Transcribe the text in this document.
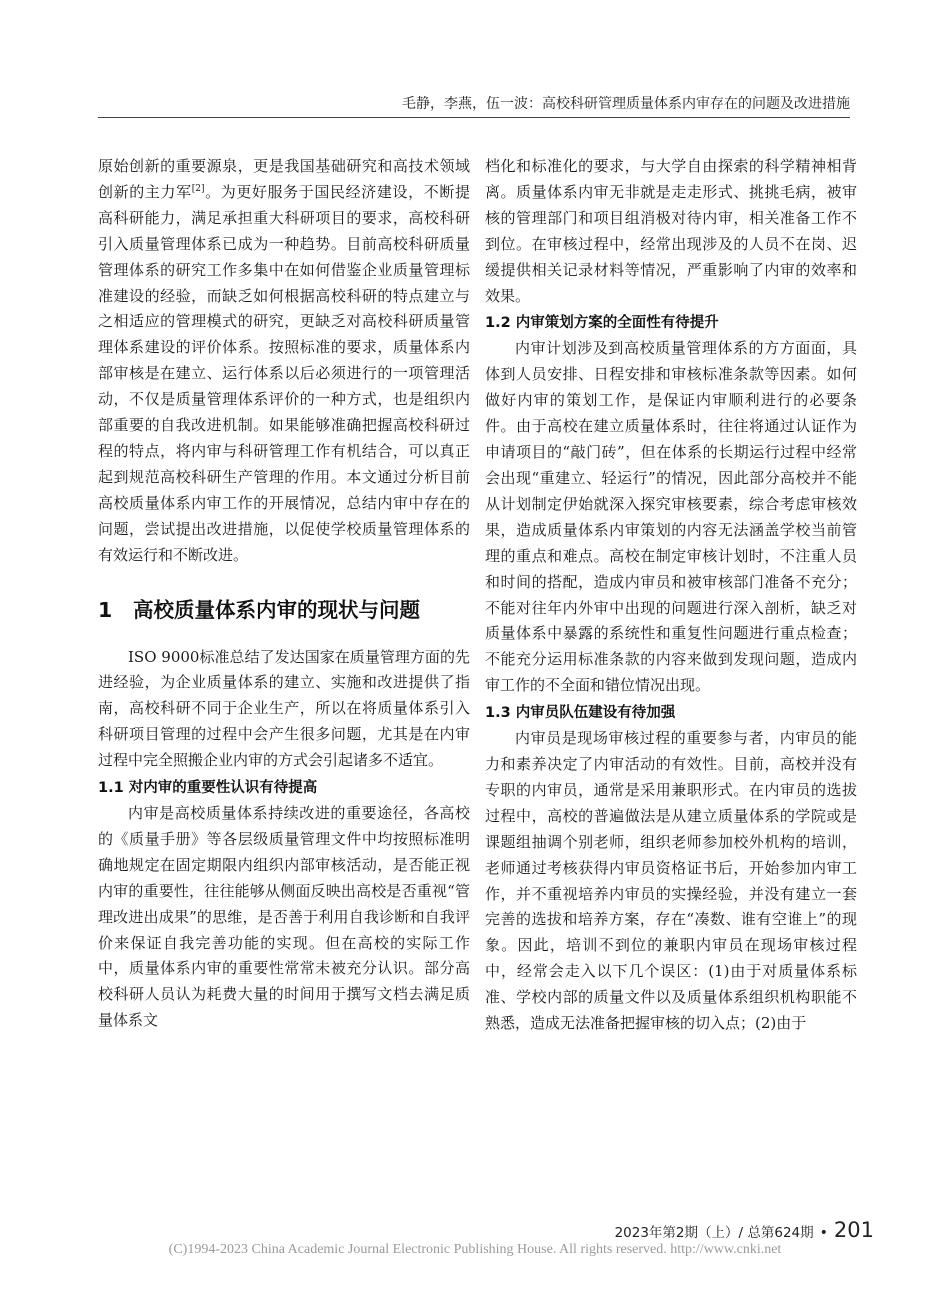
毛静，李燕，伍一波：高校科研管理质量体系内审存在的问题及改进措施

原始创新的重要源泉，更是我国基础研究和高技术领域创新的主力军[2]。为更好服务于国民经济建设，不断提高科研能力，满足承担重大科研项目的要求，高校科研引入质量管理体系已成为一种趋势。目前高校科研质量管理体系的研究工作多集中在如何借鉴企业质量管理标准建设的经验，而缺乏如何根据高校科研的特点建立与之相适应的管理模式的研究，更缺乏对高校科研质量管理体系建设的评价体系。按照标准的要求，质量体系内部审核是在建立、运行体系以后必须进行的一项管理活动，不仅是质量管理体系评价的一种方式，也是组织内部重要的自我改进机制。如果能够准确把握高校科研过程的特点，将内审与科研管理工作有机结合，可以真正起到规范高校科研生产管理的作用。本文通过分析目前高校质量体系内审工作的开展情况，总结内审中存在的问题，尝试提出改进措施，以促使学校质量管理体系的有效运行和不断改进。

1 高校质量体系内审的现状与问题

ISO 9000标准总结了发达国家在质量管理方面的先进经验，为企业质量体系的建立、实施和改进提供了指南，高校科研不同于企业生产，所以在将质量体系引入科研项目管理的过程中会产生很多问题，尤其是在内审过程中完全照搬企业内审的方式会引起诸多不适宜。

1.1 对内审的重要性认识有待提高

内审是高校质量体系持续改进的重要途径，各高校的《质量手册》等各层级质量管理文件中均按照标准明确地规定在固定期限内组织内部审核活动，是否能正视内审的重要性，往往能够从侧面反映出高校是否重视“管理改进出成果”的思维，是否善于利用自我诊断和自我评价来保证自我完善功能的实现。但在高校的实际工作中，质量体系内审的重要性常常未被充分认识。部分高校科研人员认为耗费大量的时间用于撰写文档去满足质量体系文

档化和标准化的要求，与大学自由探索的科学精神相背离。质量体系内审无非就是走走形式、挑挑毛病，被审核的管理部门和项目组消极对待内审，相关准备工作不到位。在审核过程中，经常出现涉及的人员不在岗、迟缓提供相关记录材料等情况，严重影响了内审的效率和效果。

1.2 内审策划方案的全面性有待提升

内审计划涉及到高校质量管理体系的方方面面，具体到人员安排、日程安排和审核标准条款等因素。如何做好内审的策划工作，是保证内审顺利进行的必要条件。由于高校在建立质量体系时，往往将通过认证作为申请项目的“敲门砖”，但在体系的长期运行过程中经常会出现“重建立、轻运行”的情况，因此部分高校并不能从计划制定伊始就深入探究审核要素，综合考虑审核效果，造成质量体系内审策划的内容无法涵盖学校当前管理的重点和难点。高校在制定审核计划时，不注重人员和时间的搭配，造成内审员和被审核部门准备不充分；不能对往年内外审中出现的问题进行深入剖析，缺乏对质量体系中暴露的系统性和重复性问题进行重点检查；不能充分运用标准条款的内容来做到发现问题，造成内审工作的不全面和错位情况出现。

1.3 内审员队伍建设有待加强

内审员是现场审核过程的重要参与者，内审员的能力和素养决定了内审活动的有效性。目前，高校并没有专职的内审员，通常是采用兼职形式。在内审员的选拔过程中，高校的普遍做法是从建立质量体系的学院或是课题组抽调个别老师，组织老师参加校外机构的培训，老师通过考核获得内审员资格证书后，开始参加内审工作，并不重视培养内审员的实操经验，并没有建立一套完善的选拔和培养方案，存在“凑数、谁有空谁上”的现象。因此，培训不到位的兼职内审员在现场审核过程中，经常会走入以下几个误区：(1)由于对质量体系标准、学校内部的质量文件以及质量体系组织机构职能不熟悉，造成无法准备把握审核的切入点；(2)由于

2023年第2期（上）/ 总第624期 • 201
(C)1994-2023 China Academic Journal Electronic Publishing House. All rights reserved. http://www.cnki.net
